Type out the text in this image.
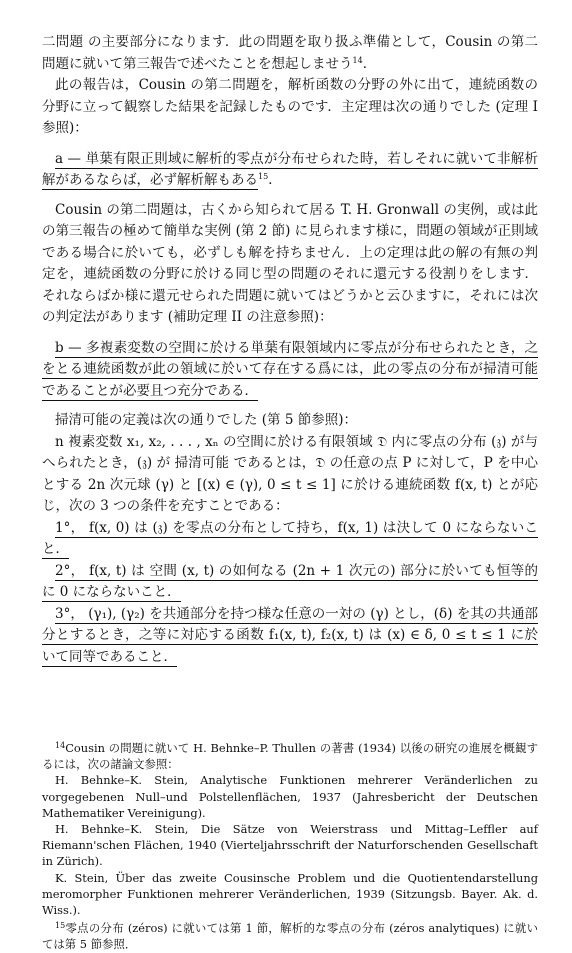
二問題 の主要部分になります．此の問題を取り扱ふ準備として，Cousin の第二問題に就いて第三報告で述べたことを想起しませう$^{14}$．

此の報告は，Cousin の第二問題を，解析函数の分野の外に出て，連続函数の分野に立って観察した結果を記録したものです．主定理は次の通りでした (定理 I 参照)：

a — 単葉有限正則域に解析的零点が分布せられた時，若しそれに就いて非解析解があるならば，必ず解析解もある$^{15}$．

Cousin の第二問題は，古くから知られて居る T. H. Gronwall の実例，或は此の第三報告の極めて簡単な実例 (第 2 節) に見られます様に，問題の領域が正則域である場合に於いても，必ずしも解を持ちません．上の定理は此の解の有無の判定を，連続函数の分野に於ける同じ型の問題のそれに還元する役割りをします．それならばか様に還元せられた問題に就いてはどうかと云ひますに，それには次の判定法があります (補助定理 II の注意参照)：

b — 多複素変数の空間に於ける単葉有限領域内に零点が分布せられたとき，之をとる連続函数が此の領域に於いて存在する爲には，此の零点の分布が掃清可能であることが必要且つ充分である．

掃清可能の定義は次の通りでした (第 5 節参照)：

n 複素変数 x₁, x₂, . . . , xₙ の空間に於ける有限領域 𝔇 内に零点の分布 (𝔷) が与へられたとき，(𝔷) が 掃清可能 であるとは，𝔇 の任意の点 P に対して，P を中心とする 2n 次元球 (γ) と [(x) ∈ (γ), 0 ≤ t ≤ 1] に於ける連続函数 f(x, t) とが応じ，次の 3 つの条件を充すことである：

1°， f(x, 0) は (𝔷) を零点の分布として持ち，f(x, 1) は決して 0 にならないこと．

2°， f(x, t) は 空間 (x, t) の如何なる (2n + 1 次元の) 部分に於いても恒等的に 0 にならないこと．

3°， (γ₁), (γ₂) を共通部分を持つ様な任意の一対の (γ) とし，(δ) を其の共通部分とするとき，之等に対応する函数 f₁(x, t), f₂(x, t) は (x) ∈ δ, 0 ≤ t ≤ 1 に於いて同等であること．

$^{14}$Cousin の問題に就いて H. Behnke–P. Thullen の著書 (1934) 以後の研究の進展を概観するには，次の諸論文参照：

H. Behnke–K. Stein, Analytische Funktionen mehrerer Veränderlichen zu vorgegebenen Null–und Polstellenflächen, 1937 (Jahresbericht der Deutschen Mathematiker Vereinigung).

H. Behnke–K. Stein, Die Sätze von Weierstrass und Mittag–Leffler auf Riemann'schen Flächen, 1940 (Vierteljahrsschrift der Naturforschenden Gesellschaft in Zürich).

K. Stein, Über das zweite Cousinsche Problem und die Quotientendarstellung meromorpher Funktionen mehrerer Veränderlichen, 1939 (Sitzungsb. Bayer. Ak. d. Wiss.).

$^{15}$零点の分布 (zéros) に就いては第 1 節，解析的な零点の分布 (zéros analytiques) に就いては第 5 節参照．
